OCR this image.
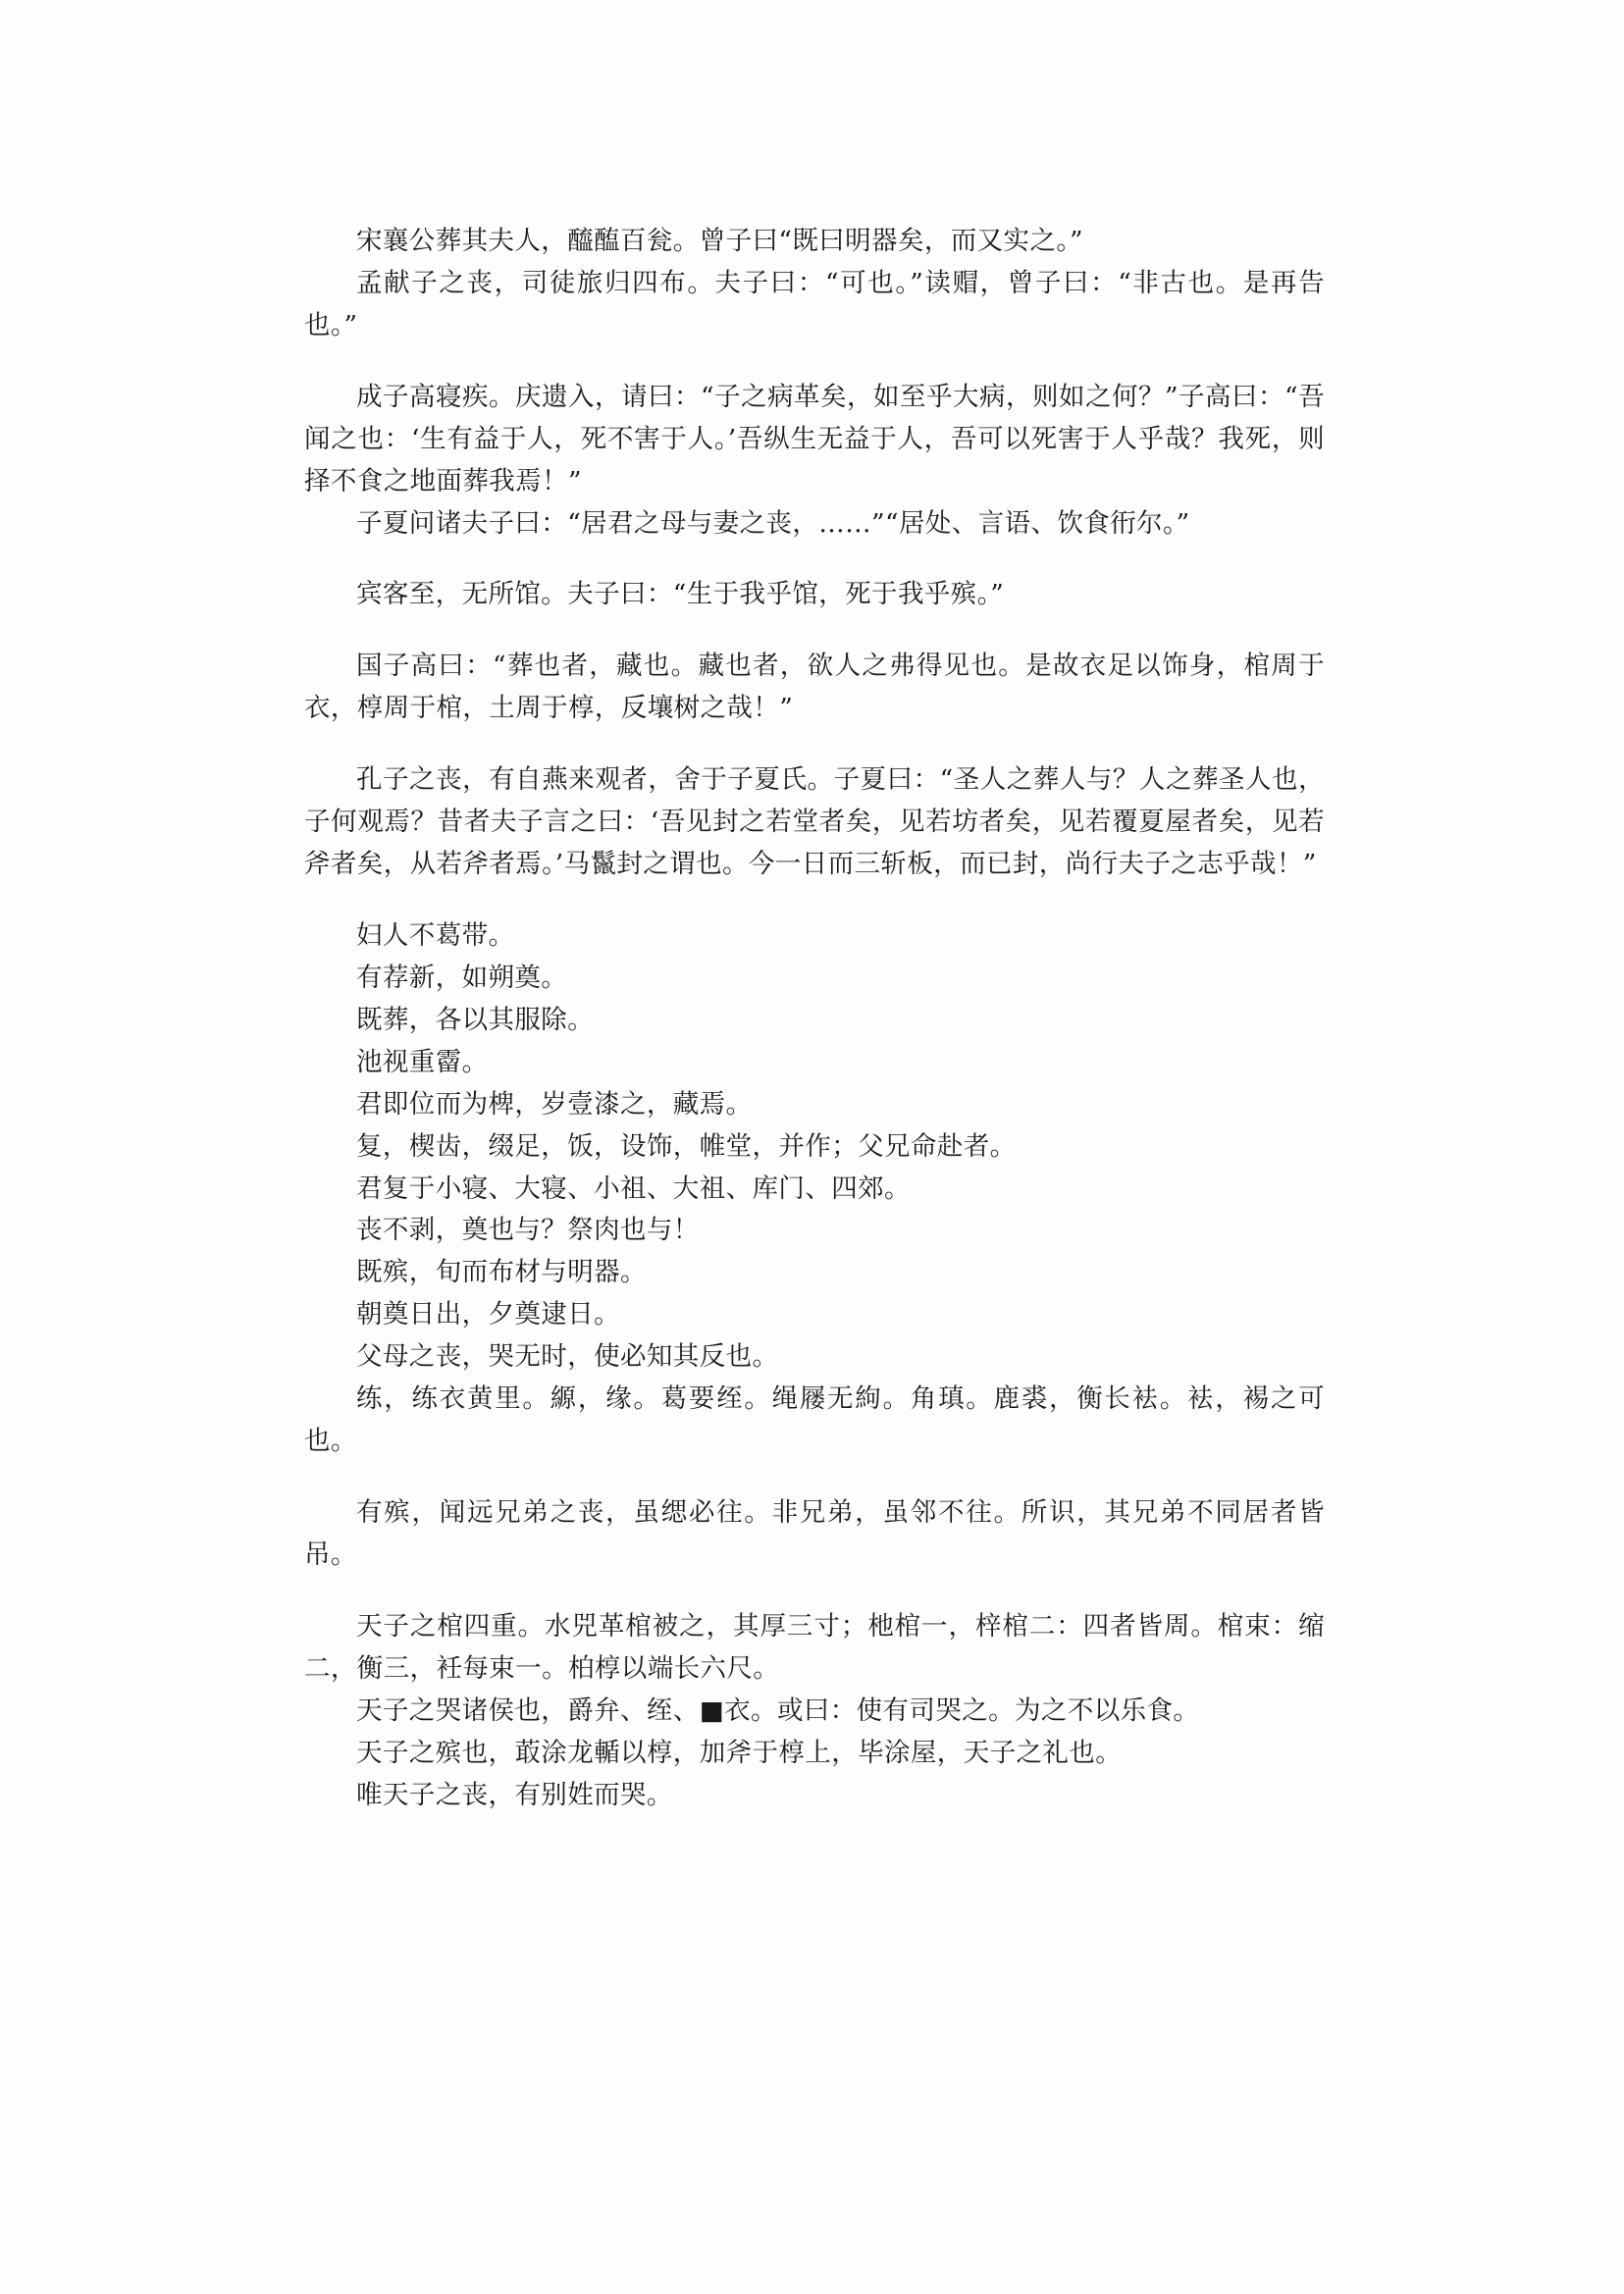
宋襄公葬其夫人，醯醢百瓮。曾子曰“既曰明器矣，而又实之。”

孟献子之丧，司徒旅归四布。夫子曰：“可也。”读赗，曾子曰：“非古也。是再告也。”

成子高寝疾。庆遗入，请曰：“子之病革矣，如至乎大病，则如之何？”子高曰：“吾闻之也：‘生有益于人，死不害于人。’吾纵生无益于人，吾可以死害于人乎哉？我死，则择不食之地面葬我焉！”

子夏问诸夫子曰：“居君之母与妻之丧，……”“居处、言语、饮食衎尔。”

宾客至，无所馆。夫子曰：“生于我乎馆，死于我乎殡。”

国子高曰：“葬也者，藏也。藏也者，欲人之弗得见也。是故衣足以饰身，棺周于衣，椁周于棺，土周于椁，反壤树之哉！”

孔子之丧，有自燕来观者，舍于子夏氏。子夏曰：“圣人之葬人与？人之葬圣人也，子何观焉？昔者夫子言之曰：‘吾见封之若堂者矣，见若坊者矣，见若覆夏屋者矣，见若斧者矣，从若斧者焉。’马鬣封之谓也。今一日而三斩板，而已封，尚行夫子之志乎哉！”

妇人不葛带。

有荐新，如朔奠。

既葬，各以其服除。

池视重霤。

君即位而为椑，岁壹漆之，藏焉。

复，楔齿，缀足，饭，设饰，帷堂，并作；父兄命赴者。

君复于小寝、大寝、小祖、大祖、库门、四郊。

丧不剥，奠也与？祭肉也与！

既殡，旬而布材与明器。

朝奠日出，夕奠逮日。

父母之丧，哭无时，使必知其反也。

练，练衣黄里。縓，缘。葛要绖。绳屦无絇。角瑱。鹿裘，衡长袪。袪，裼之可也。

有殡，闻远兄弟之丧，虽缌必往。非兄弟，虽邻不往。所识，其兄弟不同居者皆吊。

天子之棺四重。水兕革棺被之，其厚三寸；杝棺一，梓棺二：四者皆周。棺束：缩二，衡三，衽每束一。柏椁以端长六尺。

天子之哭诸侯也，爵弁、绖、■衣。或曰：使有司哭之。为之不以乐食。

天子之殡也，菆涂龙輴以椁，加斧于椁上，毕涂屋，天子之礼也。

唯天子之丧，有别姓而哭。
